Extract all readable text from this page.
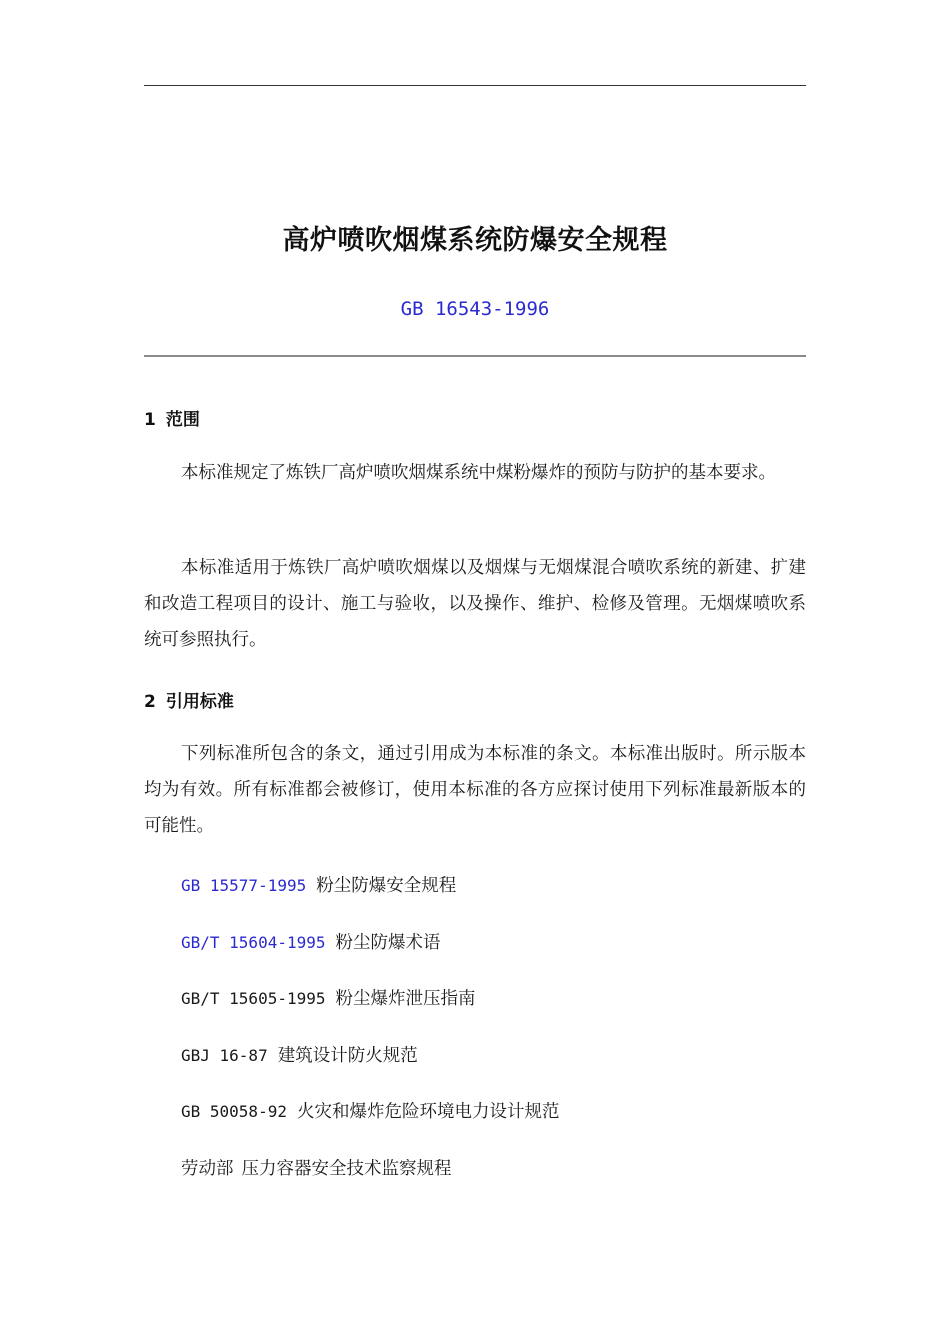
高炉喷吹烟煤系统防爆安全规程
GB 16543-1996
1 范围
本标准规定了炼铁厂高炉喷吹烟煤系统中煤粉爆炸的预防与防护的基本要求。
本标准适用于炼铁厂高炉喷吹烟煤以及烟煤与无烟煤混合喷吹系统的新建、扩建和改造工程项目的设计、施工与验收，以及操作、维护、检修及管理。无烟煤喷吹系统可参照执行。
2 引用标准
下列标准所包含的条文，通过引用成为本标准的条文。本标准出版时。所示版本均为有效。所有标准都会被修订，使用本标准的各方应探讨使用下列标准最新版本的可能性。
GB 15577-1995 粉尘防爆安全规程
GB/T 15604-1995 粉尘防爆术语
GB/T 15605-1995 粉尘爆炸泄压指南
GBJ 16-87 建筑设计防火规范
GB 50058-92 火灾和爆炸危险环境电力设计规范
劳动部 压力容器安全技术监察规程
